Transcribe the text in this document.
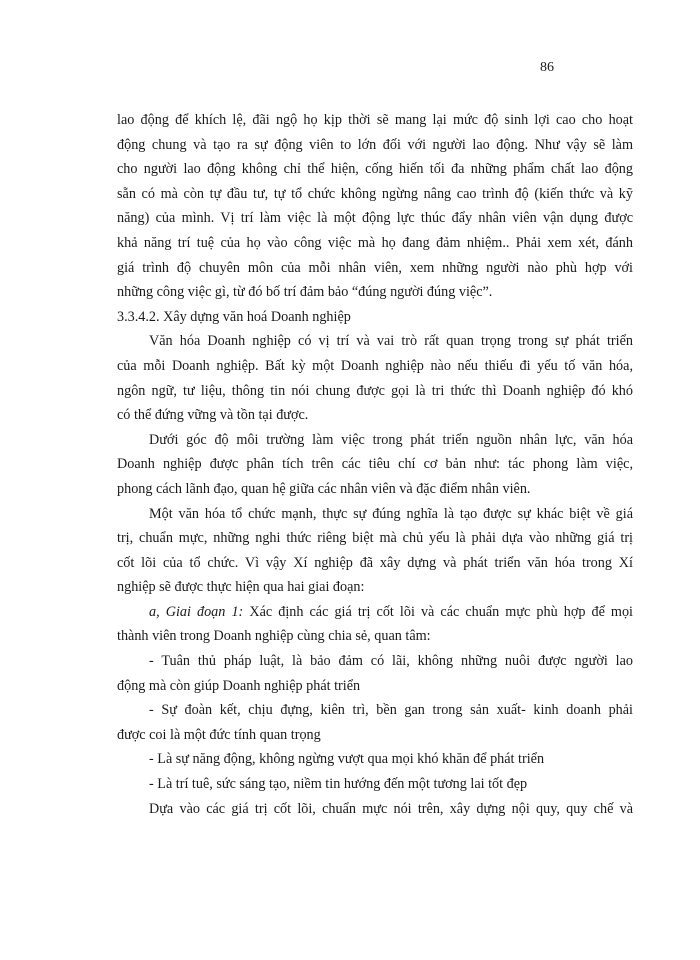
86
lao động để khích lệ, đãi ngộ họ kịp thời sẽ mang lại mức độ sinh lợi cao cho hoạt
động chung và tạo ra sự động viên to lớn đối với người lao động. Như vậy sẽ làm
cho người lao động không chỉ thể hiện, cống hiến tối đa những phẩm chất lao động
sẵn có mà còn tự đầu tư, tự tổ chức không ngừng nâng cao trình độ (kiến thức và kỹ
năng) của mình. Vị trí làm việc là một động lực thúc đẩy nhân viên vận dụng được
khả năng trí tuệ của họ vào công việc mà họ đang đảm nhiệm.. Phải xem xét, đánh
giá trình độ chuyên môn của mỗi nhân viên, xem những người nào phù hợp với
những công việc gì, từ đó bố trí đảm bảo “đúng người đúng việc”.
3.3.4.2. Xây dựng văn hoá Doanh nghiệp
Văn hóa Doanh nghiệp có vị trí và vai trò rất quan trọng trong sự phát triển
của mỗi Doanh nghiệp. Bất kỳ một Doanh nghiệp nào nếu thiếu đi yếu tố văn hóa,
ngôn ngữ, tư liệu, thông tin nói chung được gọi là tri thức thì Doanh nghiệp đó khó
có thể đứng vững và tồn tại được.
Dưới góc độ môi trường làm việc trong phát triển nguồn nhân lực, văn hóa
Doanh nghiệp được phân tích trên các tiêu chí cơ bản như: tác phong làm việc,
phong cách lãnh đạo, quan hệ giữa các nhân viên và đặc điểm nhân viên.
Một văn hóa tổ chức mạnh, thực sự đúng nghĩa là tạo được sự khác biệt về giá
trị, chuẩn mực, những nghi thức riêng biệt mà chủ yếu là phải dựa vào những giá trị
cốt lõi của tổ chức. Vì vậy Xí nghiệp đã xây dựng và phát triển văn hóa trong Xí
nghiệp sẽ được thực hiện qua hai giai đoạn:
a, Giai đoạn 1: Xác định các giá trị cốt lõi và các chuẩn mực phù hợp để mọi
thành viên trong Doanh nghiệp cùng chia sẻ, quan tâm:
- Tuân thủ pháp luật, là bảo đảm có lãi, không những nuôi được người lao
động mà còn giúp Doanh nghiệp phát triển
- Sự đoàn kết, chịu đựng, kiên trì, bền gan trong sản xuất- kinh doanh phải
được coi là một đức tính quan trọng
- Là sự năng động, không ngừng vượt qua mọi khó khăn để phát triển
- Là trí tuê, sức sáng tạo, niềm tin hướng đến một tương lai tốt đẹp
Dựa vào các giá trị cốt lõi, chuẩn mực nói trên, xây dựng nội quy, quy chế và
